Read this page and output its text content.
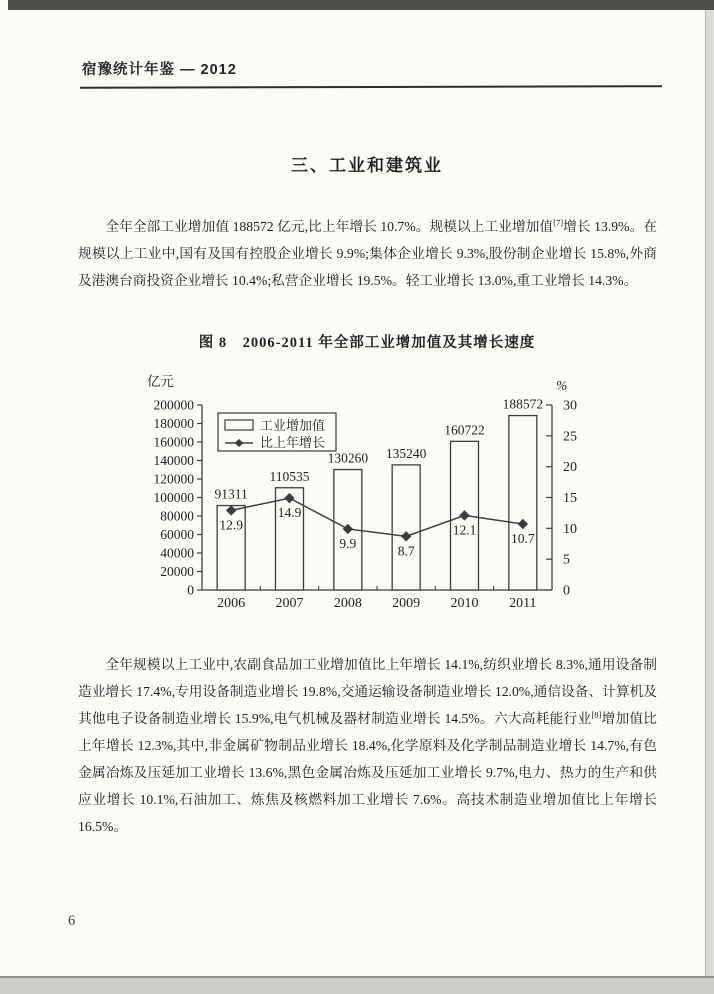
宿豫统计年鉴 — 2012
三、工业和建筑业

全年全部工业增加值 188572 亿元,比上年增长 10.7%。规模以上工业增加值[7]增长 13.9%。在规模以上工业中,国有及国有控股企业增长 9.9%;集体企业增长 9.3%,股份制企业增长 15.8%,外商及港澳台商投资企业增长 10.4%;私营企业增长 19.5%。轻工业增长 13.0%,重工业增长 14.3%。

图 8　2006-2011 年全部工业增加值及其增长速度
亿元	%
0
20000
40000
60000
80000
100000
120000
140000
160000
180000
200000
0
5
10
15
20
25
30
91311
2006
110535
2007
130260
2008
135240
2009
160722
2010
188572
2011
12.9
14.9
9.9	8.7
12.1
10.7
工业增加值
比上年增长

全年规模以上工业中,农副食品加工业增加值比上年增长 14.1%,纺织业增长 8.3%,通用设备制造业增长 17.4%,专用设备制造业增长 19.8%,交通运输设备制造业增长 12.0%,通信设备、计算机及其他电子设备制造业增长 15.9%,电气机械及器材制造业增长 14.5%。六大高耗能行业[8]增加值比上年增长 12.3%,其中,非金属矿物制品业增长 18.4%,化学原料及化学制品制造业增长 14.7%,有色金属冶炼及压延加工业增长 13.6%,黑色金属冶炼及压延加工业增长 9.7%,电力、热力的生产和供应业增长 10.1%,石油加工、炼焦及核燃料加工业增长 7.6%。高技术制造业增加值比上年增长 16.5%。

6
